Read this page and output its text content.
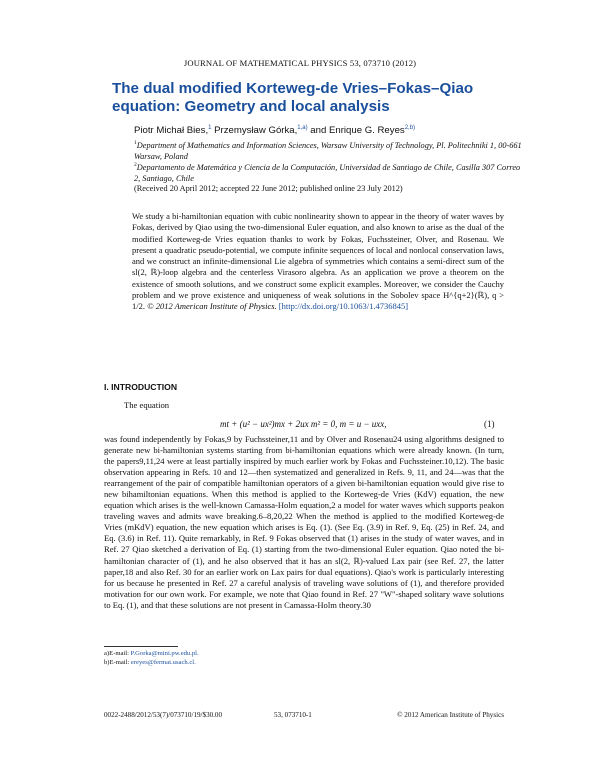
JOURNAL OF MATHEMATICAL PHYSICS 53, 073710 (2012)
The dual modified Korteweg-de Vries–Fokas–Qiao equation: Geometry and local analysis
Piotr Michał Bies,$^1$ Przemysław Górka,$^{1,a)}$ and Enrique G. Reyes$^{2,b)}$
$^1$Department of Mathematics and Information Sciences, Warsaw University of Technology, Pl. Politechniki 1, 00-661 Warsaw, Poland
$^2$Departamento de Matemática y Ciencia de la Computación, Universidad de Santiago de Chile, Casilla 307 Correo 2, Santiago, Chile
(Received 20 April 2012; accepted 22 June 2012; published online 23 July 2012)
We study a bi-hamiltonian equation with cubic nonlinearity shown to appear in the theory of water waves by Fokas, derived by Qiao using the two-dimensional Euler equation, and also known to arise as the dual of the modified Korteweg-de Vries equation thanks to work by Fokas, Fuchssteiner, Olver, and Rosenau. We present a quadratic pseudo-potential, we compute infinite sequences of local and nonlocal conservation laws, and we construct an infinite-dimensional Lie algebra of symmetries which contains a semi-direct sum of the sl(2, ℝ)-loop algebra and the centerless Virasoro algebra. As an application we prove a theorem on the existence of smooth solutions, and we construct some explicit examples. Moreover, we consider the Cauchy problem and we prove existence and uniqueness of weak solutions in the Sobolev space H^{q+2}(ℝ), q > 1/2. © 2012 American Institute of Physics. [http://dx.doi.org/10.1063/1.4736845]
I. INTRODUCTION
The equation
mt + (u² − ux²)mx + 2ux m² = 0, m = u − uxx,	(1)
was found independently by Fokas,9 by Fuchssteiner,11 and by Olver and Rosenau24 using algorithms designed to generate new bi-hamiltonian systems starting from bi-hamiltonian equations which were already known. (In turn, the papers9,11,24 were at least partially inspired by much earlier work by Fokas and Fuchssteiner.10,12). The basic observation appearing in Refs. 10 and 12—then systematized and generalized in Refs. 9, 11, and 24—was that the rearrangement of the pair of compatible hamiltonian operators of a given bi-hamiltonian equation would give rise to new bihamiltonian equations. When this method is applied to the Korteweg-de Vries (KdV) equation, the new equation which arises is the well-known Camassa-Holm equation,2 a model for water waves which supports peakon traveling waves and admits wave breaking.6–8,20,22 When the method is applied to the modified Korteweg-de Vries (mKdV) equation, the new equation which arises is Eq. (1). (See Eq. (3.9) in Ref. 9, Eq. (25) in Ref. 24, and Eq. (3.6) in Ref. 11). Quite remarkably, in Ref. 9 Fokas observed that (1) arises in the study of water waves, and in Ref. 27 Qiao sketched a derivation of Eq. (1) starting from the two-dimensional Euler equation. Qiao noted the bi-hamiltonian character of (1), and he also observed that it has an sl(2, ℝ)-valued Lax pair (see Ref. 27, the latter paper,18 and also Ref. 30 for an earlier work on Lax pairs for dual equations). Qiao's work is particularly interesting for us because he presented in Ref. 27 a careful analysis of traveling wave solutions of (1), and therefore provided motivation for our own work. For example, we note that Qiao found in Ref. 27 "W"-shaped solitary wave solutions to Eq. (1), and that these solutions are not present in Camassa-Holm theory.30
a)E-mail: P.Gorka@mini.pw.edu.pl.
b)E-mail: ereyes@fermat.usach.cl.
0022-2488/2012/53(7)/073710/19/$30.00	53, 073710-1	© 2012 American Institute of Physics
